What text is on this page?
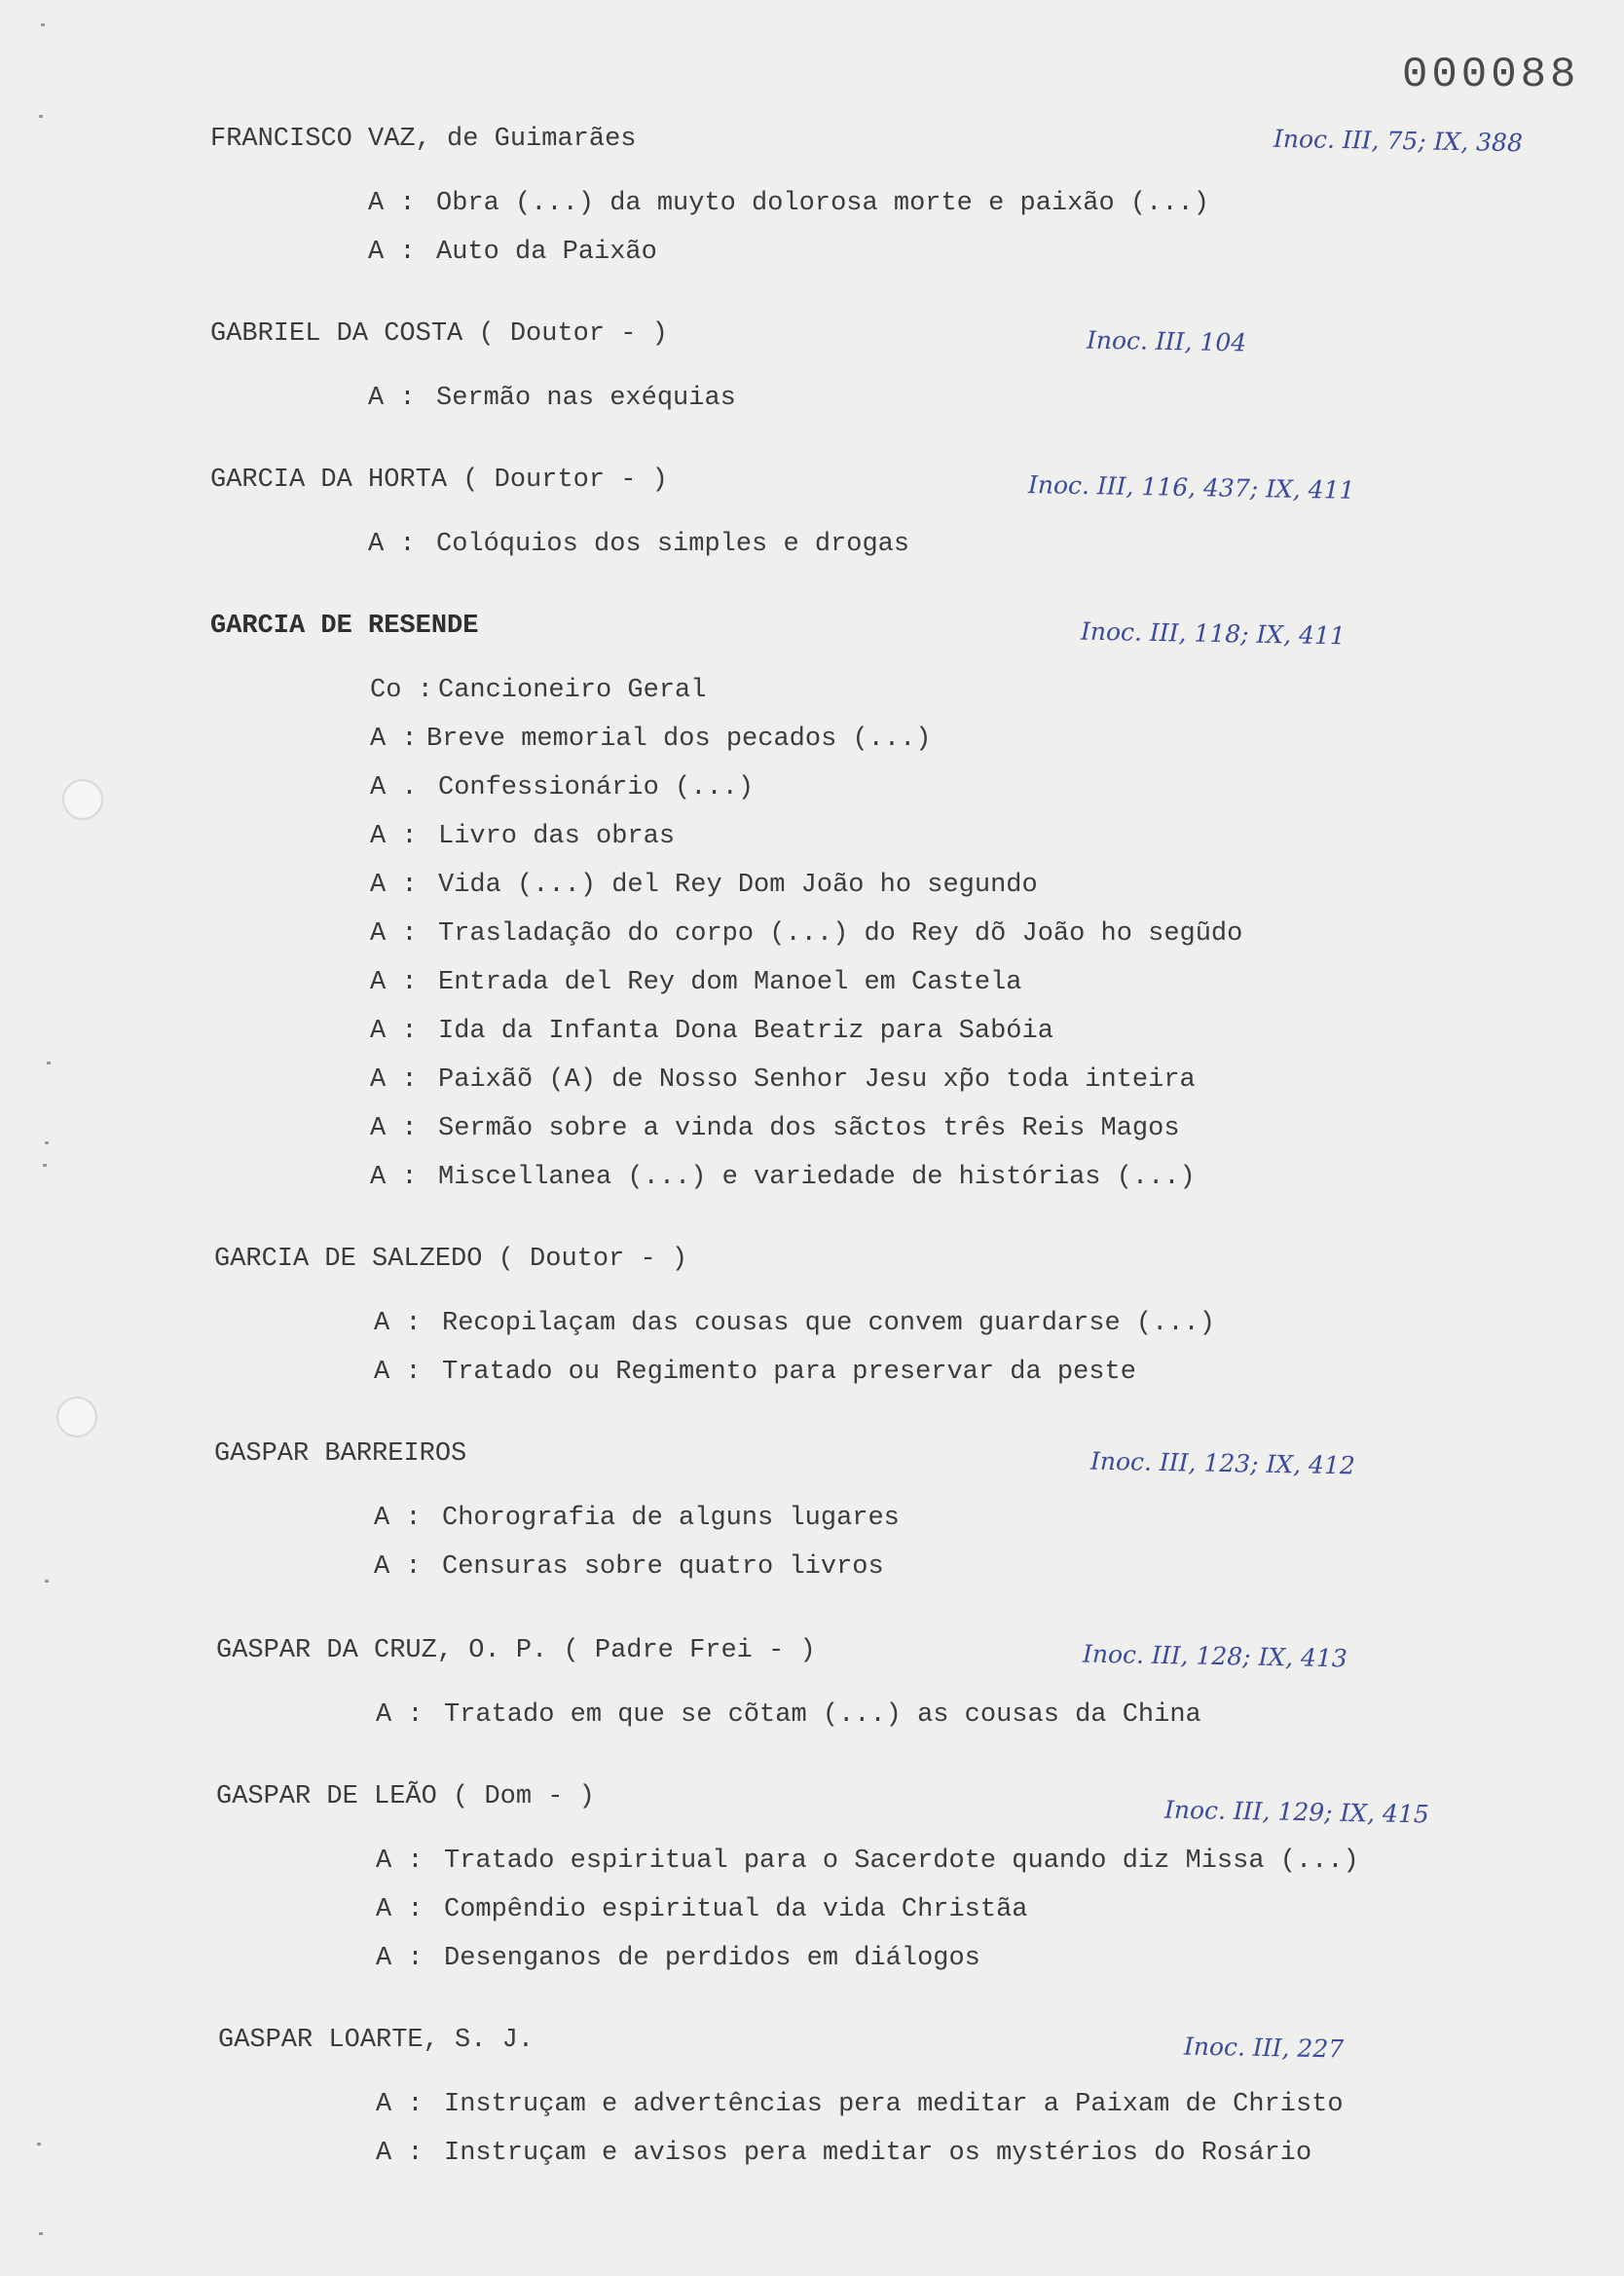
000088
FRANCISCO VAZ, de Guimarães	Inoc. III, 75; IX, 388
A : Obra (...) da muyto dolorosa morte e paixão (...)
A : Auto da Paixão
GABRIEL DA COSTA ( Doutor - )	Inoc. III, 104
A : Sermão nas exéquias
GARCIA DA HORTA ( Dourtor - )	Inoc. III, 116, 437; IX, 411
A : Colóquios dos simples e drogas
GARCIA DE RESENDE	Inoc. III, 118; IX, 411
Co : Cancioneiro Geral
A : Breve memorial dos pecados (...)
A . Confessionário (...)
A : Livro das obras
A : Vida (...) del Rey Dom João ho segundo
A : Trasladação do corpo (...) do Rey dõ João ho segũdo
A : Entrada del Rey dom Manoel em Castela
A : Ida da Infanta Dona Beatriz para Sabóia
A : Paixãõ (A) de Nosso Senhor Jesu xp̃o toda inteira
A : Sermão sobre a vinda dos sãctos três Reis Magos
A : Miscellanea (...) e variedade de histórias (...)
GARCIA DE SALZEDO ( Doutor - )
A : Recopilaçam das cousas que convem guardarse (...)
A : Tratado ou Regimento para preservar da peste
GASPAR BARREIROS	Inoc. III, 123; IX, 412
A : Chorografia de alguns lugares
A : Censuras sobre quatro livros
GASPAR DA CRUZ, O. P. ( Padre Frei - )	Inoc. III, 128; IX, 413
A : Tratado em que se cõtam (...) as cousas da China
GASPAR DE LEÃO ( Dom - )	Inoc. III, 129; IX, 415
A : Tratado espiritual para o Sacerdote quando diz Missa (...)
A : Compêndio espiritual da vida Christãa
A : Desenganos de perdidos em diálogos
GASPAR LOARTE, S. J.	Inoc. III, 227
A : Instruçam e advertências pera meditar a Paixam de Christo
A : Instruçam e avisos pera meditar os mystérios do Rosário
